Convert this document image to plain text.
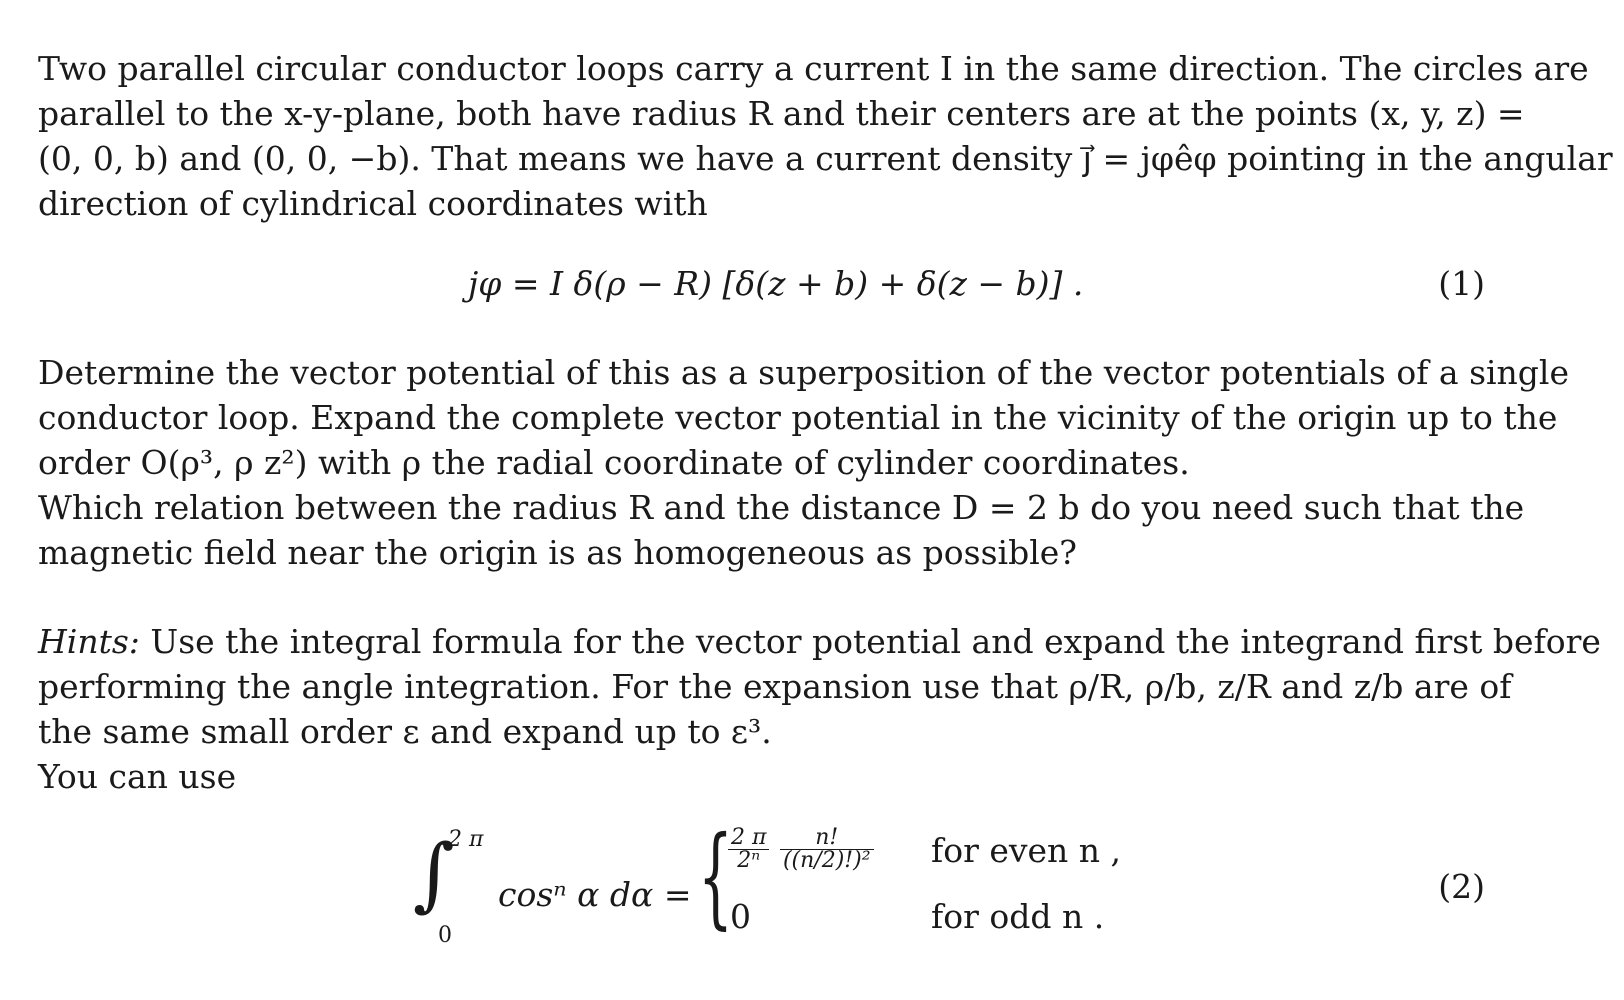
Two parallel circular conductor loops carry a current I in the same direction. The circles are
parallel to the x-y-plane, both have radius R and their centers are at the points (x, y, z) =
(0, 0, b) and (0, 0, −b). That means we have a current density j⃗ = jφêφ pointing in the angular
direction of cylindrical coordinates with

jφ = I δ(ρ − R) [δ(z + b) + δ(z − b)] .	(1)

Determine the vector potential of this as a superposition of the vector potentials of a single
conductor loop. Expand the complete vector potential in the vicinity of the origin up to the
order O(ρ³, ρ z²) with ρ the radial coordinate of cylinder coordinates.
Which relation between the radius R and the distance D = 2 b do you need such that the
magnetic field near the origin is as homogeneous as possible?

Hints: Use the integral formula for the vector potential and expand the integrand first before
performing the angle integration. For the expansion use that ρ/R, ρ/b, z/R and z/b are of
the same small order ε and expand up to ε³.
You can use

∫
2 π
0
cosⁿ α dα = {
$\frac{2 \pi}{\text{2ⁿ}}$
$\frac{n!}{\text{((n/2)!)²}}$
0
for even n ,
for odd n .
(2)
